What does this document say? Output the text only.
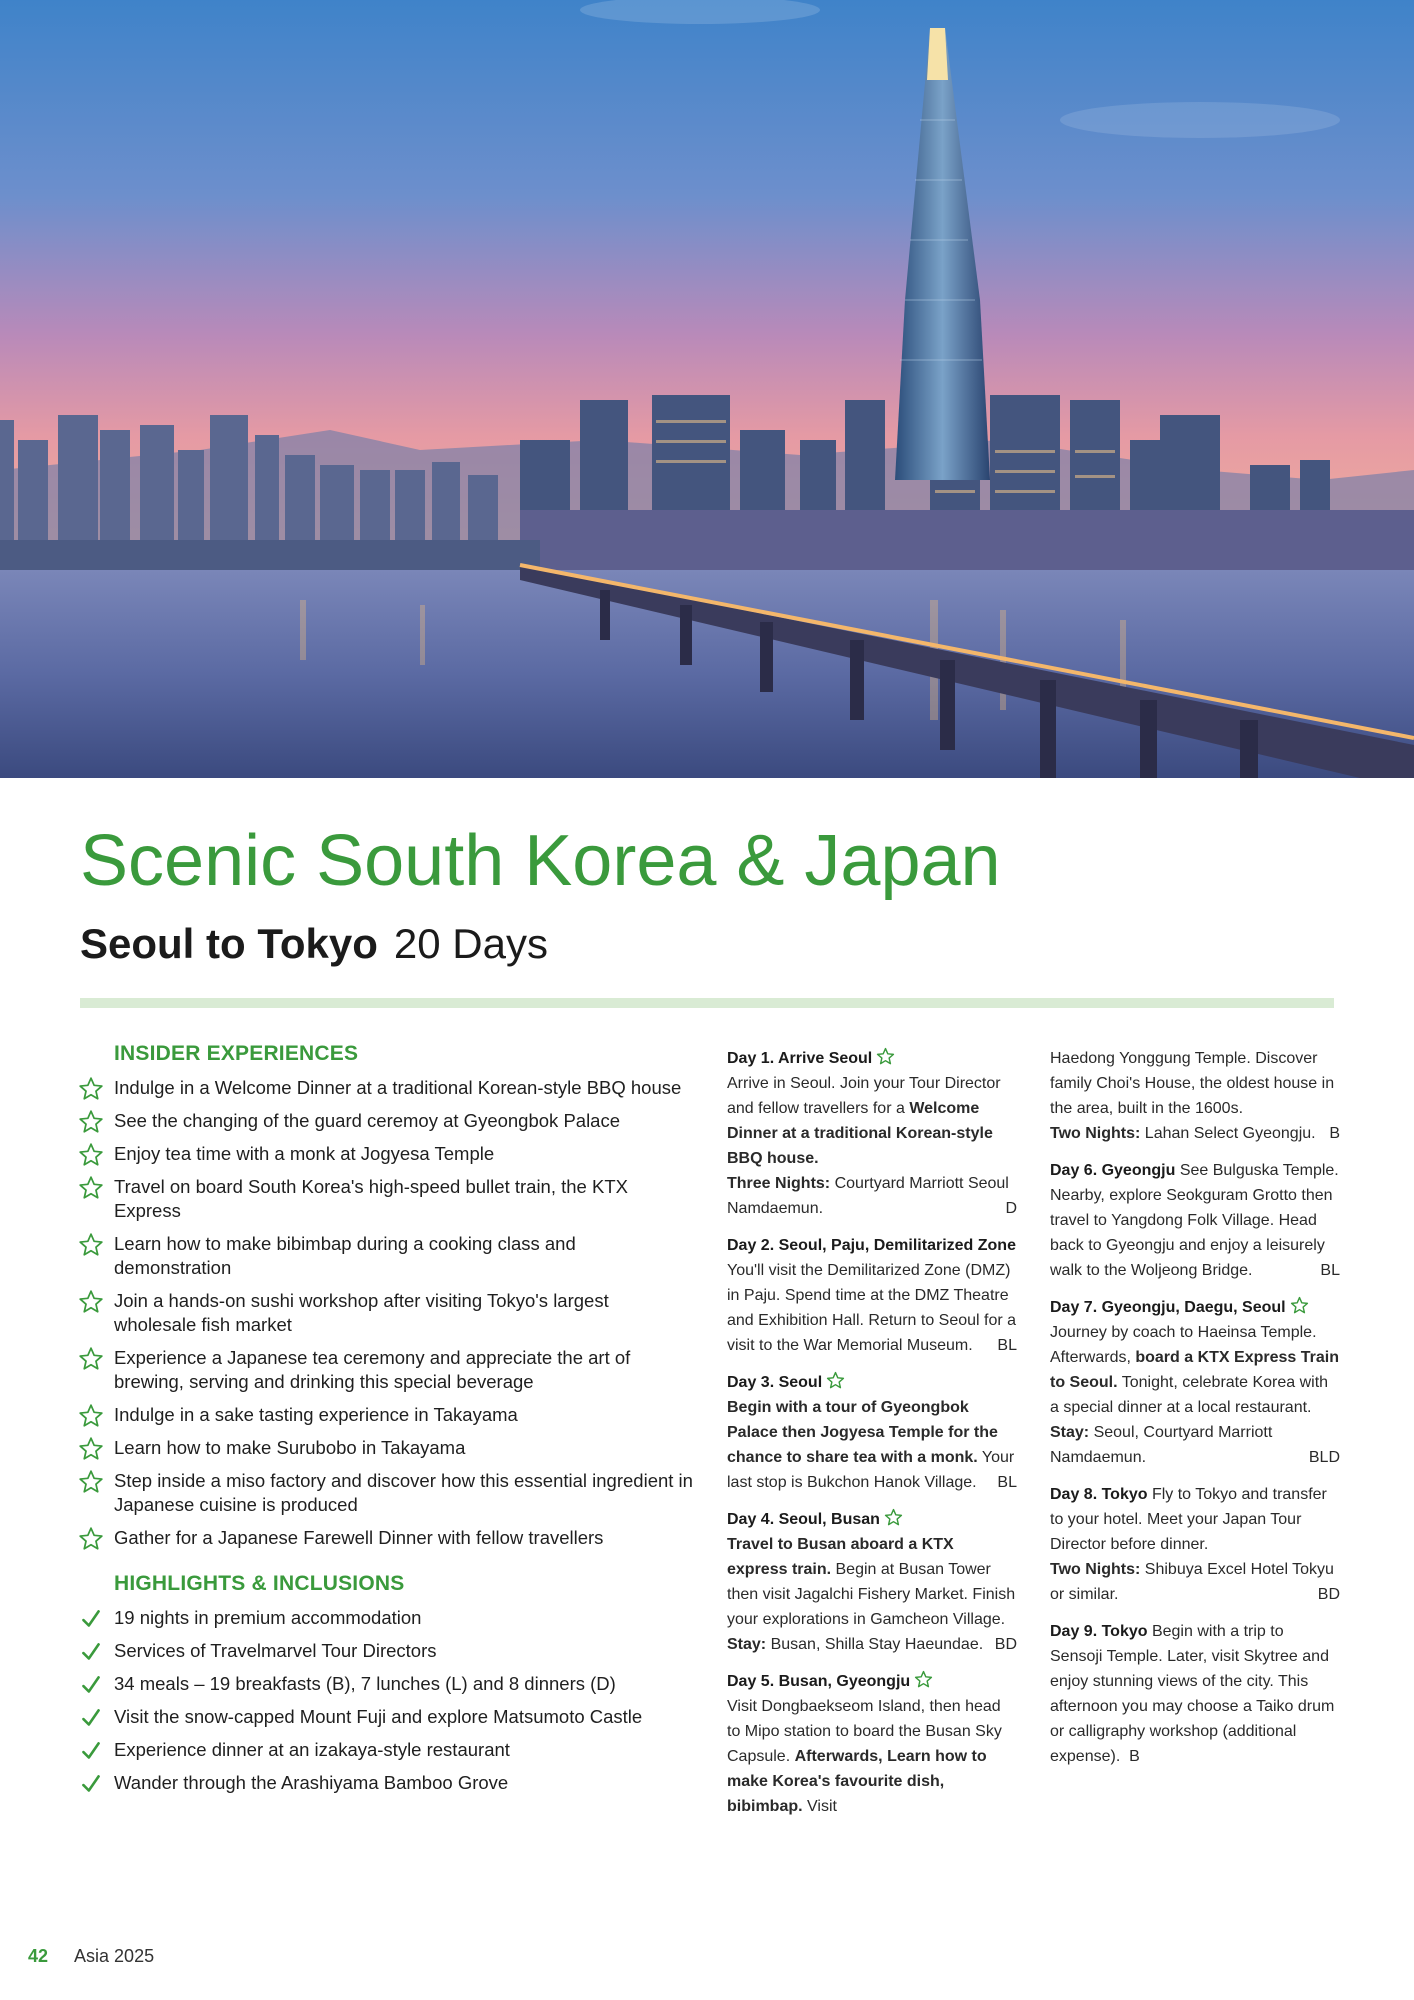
Scenic South Korea & Japan
Seoul to Tokyo 20 Days
INSIDER EXPERIENCES
Indulge in a Welcome Dinner at a traditional Korean-style BBQ house
See the changing of the guard ceremoy at Gyeongbok Palace
Enjoy tea time with a monk at Jogyesa Temple
Travel on board South Korea's high-speed bullet train, the KTX Express
Learn how to make bibimbap during a cooking class and demonstration
Join a hands-on sushi workshop after visiting Tokyo's largest wholesale fish market
Experience a Japanese tea ceremony and appreciate the art of brewing, serving and drinking this special beverage
Indulge in a sake tasting experience in Takayama
Learn how to make Surubobo in Takayama
Step inside a miso factory and discover how this essential ingredient in Japanese cuisine is produced
Gather for a Japanese Farewell Dinner with fellow travellers
HIGHLIGHTS & INCLUSIONS
19 nights in premium accommodation
Services of Travelmarvel Tour Directors
34 meals – 19 breakfasts (B), 7 lunches (L) and 8 dinners (D)
Visit the snow-capped Mount Fuji and explore Matsumoto Castle
Experience dinner at an izakaya-style restaurant
Wander through the Arashiyama Bamboo Grove
Day 1. Arrive Seoul
Arrive in Seoul. Join your Tour Director and fellow travellers for a Welcome Dinner at a traditional Korean-style BBQ house.
Three Nights: Courtyard Marriott Seoul Namdaemun.	D
Day 2. Seoul, Paju, Demilitarized Zone You'll visit the Demilitarized Zone (DMZ) in Paju. Spend time at the DMZ Theatre and Exhibition Hall. Return to Seoul for a visit to the War Memorial Museum. BL
Day 3. Seoul
Begin with a tour of Gyeongbok Palace then Jogyesa Temple for the chance to share tea with a monk. Your last stop is Bukchon Hanok Village. BL
Day 4. Seoul, Busan
Travel to Busan aboard a KTX express train. Begin at Busan Tower then visit Jagalchi Fishery Market. Finish your explorations in Gamcheon Village.
Stay: Busan, Shilla Stay Haeundae. BD
Day 5. Busan, Gyeongju
Visit Dongbaekseom Island, then head to Mipo station to board the Busan Sky Capsule. Afterwards, Learn how to make Korea's favourite dish, bibimbap. Visit
Haedong Yonggung Temple. Discover family Choi's House, the oldest house in the area, built in the 1600s.
Two Nights: Lahan Select Gyeongju. B
Day 6. Gyeongju See Bulguska Temple. Nearby, explore Seokguram Grotto then travel to Yangdong Folk Village. Head back to Gyeongju and enjoy a leisurely walk to the Woljeong Bridge.	BL
Day 7. Gyeongju, Daegu, Seoul
Journey by coach to Haeinsa Temple. Afterwards, board a KTX Express Train to Seoul. Tonight, celebrate Korea with a special dinner at a local restaurant.
Stay: Seoul, Courtyard Marriott Namdaemun.	BLD
Day 8. Tokyo Fly to Tokyo and transfer to your hotel. Meet your Japan Tour Director before dinner.
Two Nights: Shibuya Excel Hotel Tokyu or similar.	BD
Day 9. Tokyo Begin with a trip to Sensoji Temple. Later, visit Skytree and enjoy stunning views of the city. This afternoon you may choose a Taiko drum or calligraphy workshop (additional expense). B
42 Asia 2025
